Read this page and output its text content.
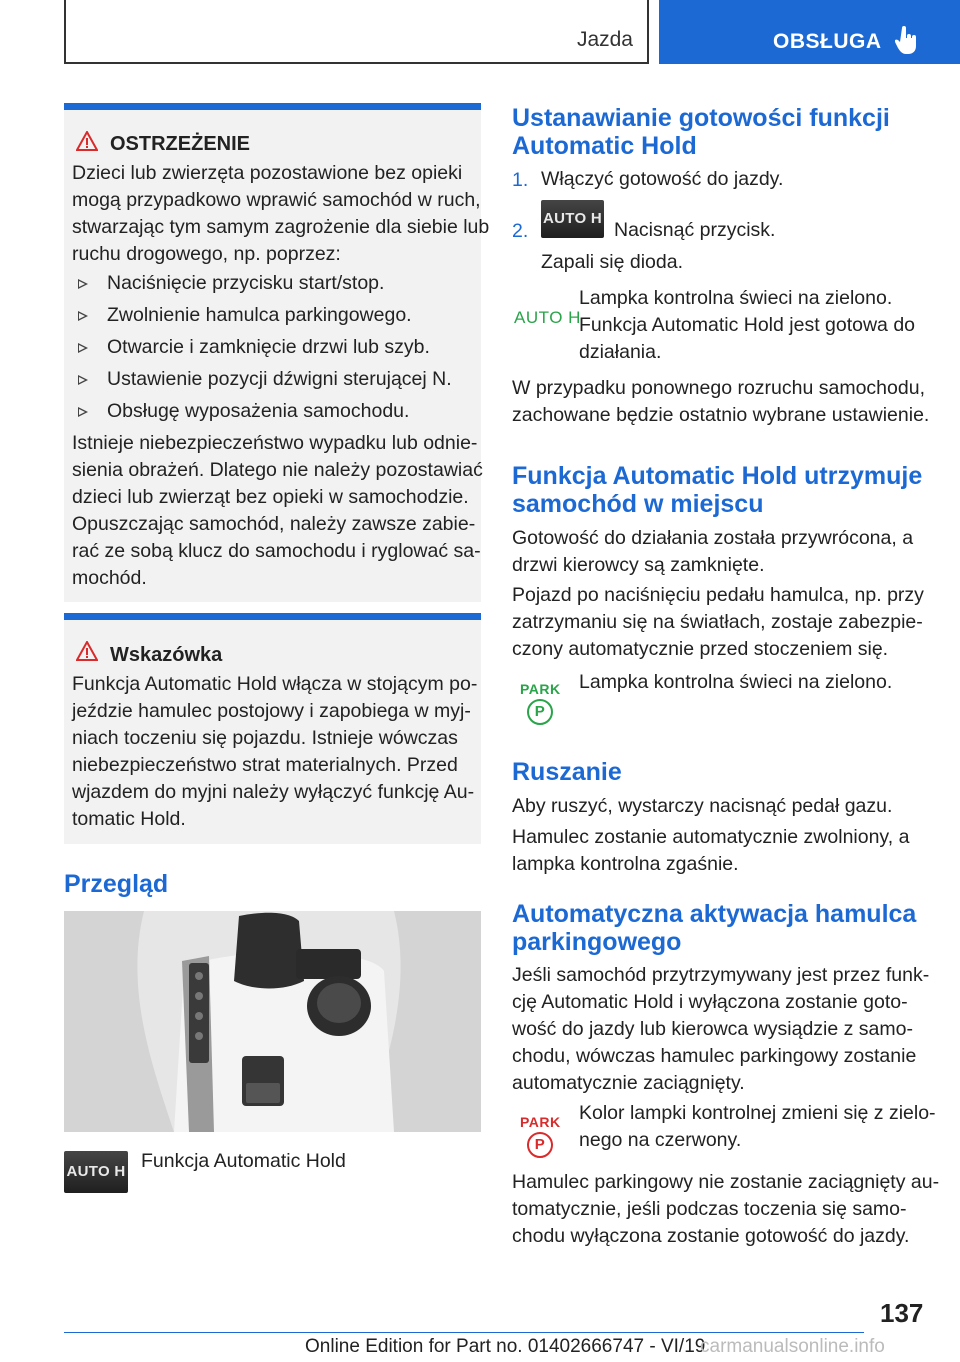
Jazda	OBSŁUGA
OSTRZEŻENIE

Dzieci lub zwierzęta pozostawione bez opieki

mogą przypadkowo wprawić samochód w ruch,

stwarzając tym samym zagrożenie dla siebie lub

ruchu drogowego, np. poprzez:

Naciśnięcie przycisku start/stop.
Zwolnienie hamulca parkingowego.
Otwarcie i zamknięcie drzwi lub szyb.
Ustawienie pozycji dźwigni sterującej N.
Obsługę wyposażenia samochodu.

Istnieje niebezpieczeństwo wypadku lub odnie-

sienia obrażeń. Dlatego nie należy pozostawiać

dzieci lub zwierząt bez opieki w samochodzie.

Opuszczając samochód, należy zawsze zabie-

rać ze sobą klucz do samochodu i ryglować sa-

mochód.

Wskazówka

Funkcja Automatic Hold włącza w stojącym po-

jeździe hamulec postojowy i zapobiega w myj-

niach toczeniu się pojazdu. Istnieje wówczas

niebezpieczeństwo strat materialnych. Przed

wjazdem do myjni należy wyłączyć funkcję Au-

tomatic Hold.

Przegląd
AUTO H Funkcja Automatic Hold

Ustanawianie gotowości funkcji
Automatic Hold
1. Włączyć gotowość do jazdy.

2.
AUTO H

Nacisnąć przycisk.

Zapali się dioda.

AUTO H

Lampka kontrolna świeci na zielono.

Funkcja Automatic Hold jest gotowa do

działania.

W przypadku ponownego rozruchu samochodu,

zachowane będzie ostatnio wybrane ustawienie.

Funkcja Automatic Hold utrzymuje
samochód w miejscu

Gotowość do działania została przywrócona, a

drzwi kierowcy są zamknięte.

Pojazd po naciśnięciu pedału hamulca, np. przy

zatrzymaniu się na światłach, zostaje zabezpie-

czony automatycznie przed stoczeniem się.

PARK
P

Lampka kontrolna świeci na zielono.

Ruszanie

Aby ruszyć, wystarczy nacisnąć pedał gazu.

Hamulec zostanie automatycznie zwolniony, a

lampka kontrolna zgaśnie.

Automatyczna aktywacja hamulca
parkingowego

Jeśli samochód przytrzymywany jest przez funk-

cję Automatic Hold i wyłączona zostanie goto-

wość do jazdy lub kierowca wysiądzie z samo-

chodu, wówczas hamulec parkingowy zostanie

automatycznie zaciągnięty.

PARK
P

Kolor lampki kontrolnej zmieni się z zielo-

nego na czerwony.

Hamulec parkingowy nie zostanie zaciągnięty au-

tomatycznie, jeśli podczas toczenia się samo-

chodu wyłączona zostanie gotowość do jazdy.

137
Online Edition for Part no. 01402666747 - VI/19
carmanualsonline.info
